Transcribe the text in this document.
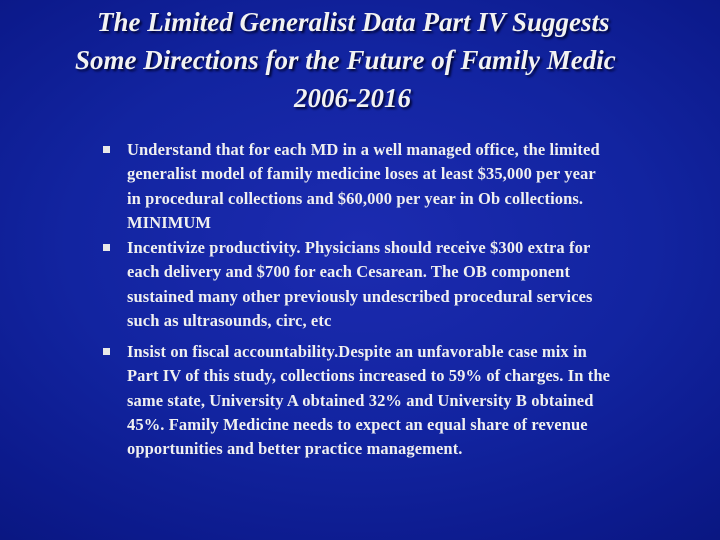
The Limited Generalist Data Part IV Suggests
Some Directions for the Future of Family Medic
2006-2016
Understand that for each MD in a well managed office, the limited
generalist model of family medicine loses at least $35,000 per year
in procedural collections and $60,000 per year in Ob collections.
MINIMUM
Incentivize productivity. Physicians should receive $300 extra for
each delivery and $700 for each Cesarean. The OB component
sustained many other previously undescribed procedural services
such as ultrasounds, circ, etc
Insist on fiscal accountability.Despite an unfavorable case mix in
Part IV of this study, collections increased to 59% of charges. In the
same state, University A obtained 32% and University B obtained
45%. Family Medicine needs to expect an equal share of revenue
opportunities and better practice management.
